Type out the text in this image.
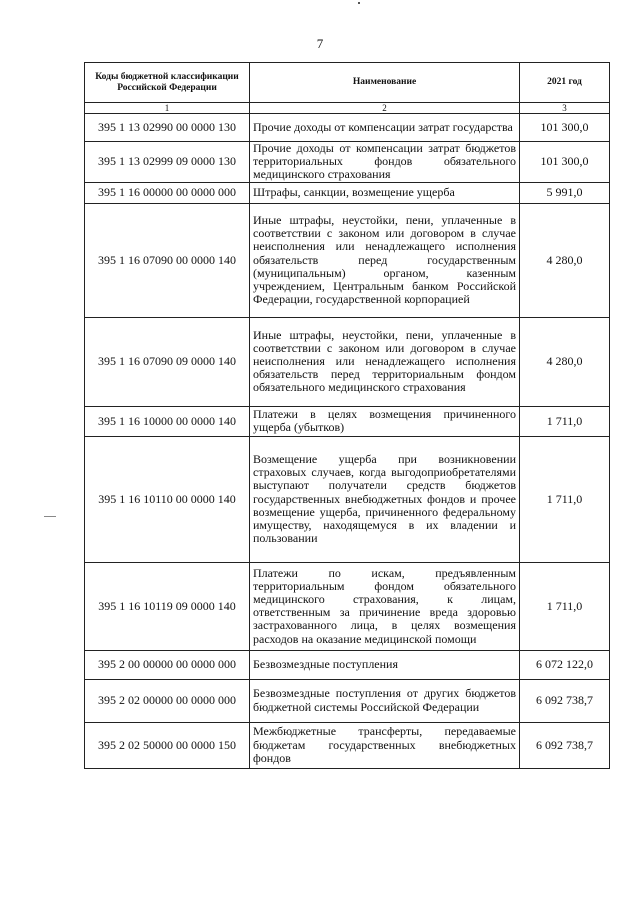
7
Коды бюджетной классификации Российской Федерации	Наименование	2021 год
1	2	3
395 1 13 02990 00 0000 130	Прочие доходы от компенсации затрат государства	101 300,0
395 1 13 02999 09 0000 130	Прочие доходы от компенсации затрат бюджетов территориальных фондов обязательного медицинского страхования	101 300,0
395 1 16 00000 00 0000 000	Штрафы, санкции, возмещение ущерба	5 991,0
395 1 16 07090 00 0000 140	Иные штрафы, неустойки, пени, уплаченные в соответствии с законом или договором в случае неисполнения или ненадлежащего исполнения обязательств перед государственным (муниципальным) органом, казенным учреждением, Центральным банком Российской Федерации, государственной корпорацией	4 280,0
395 1 16 07090 09 0000 140	Иные штрафы, неустойки, пени, уплаченные в соответствии с законом или договором в случае неисполнения или ненадлежащего исполнения обязательств перед территориальным фондом обязательного медицинского страхования	4 280,0
395 1 16 10000 00 0000 140	Платежи в целях возмещения причиненного ущерба (убытков)	1 711,0
395 1 16 10110 00 0000 140	Возмещение ущерба при возникновении страховых случаев, когда выгодоприобретателями выступают получатели средств бюджетов государственных внебюджетных фондов и прочее возмещение ущерба, причиненного федеральному имуществу, находящемуся в их владении и пользовании	1 711,0
395 1 16 10119 09 0000 140	Платежи по искам, предъявленным территориальным фондом обязательного медицинского страхования, к лицам, ответственным за причинение вреда здоровью застрахованного лица, в целях возмещения расходов на оказание медицинской помощи	1 711,0
395 2 00 00000 00 0000 000	Безвозмездные поступления	6 072 122,0
395 2 02 00000 00 0000 000	Безвозмездные поступления от других бюджетов бюджетной системы Российской Федерации	6 092 738,7
395 2 02 50000 00 0000 150	Межбюджетные трансферты, передаваемые бюджетам государственных внебюджетных фондов	6 092 738,7
